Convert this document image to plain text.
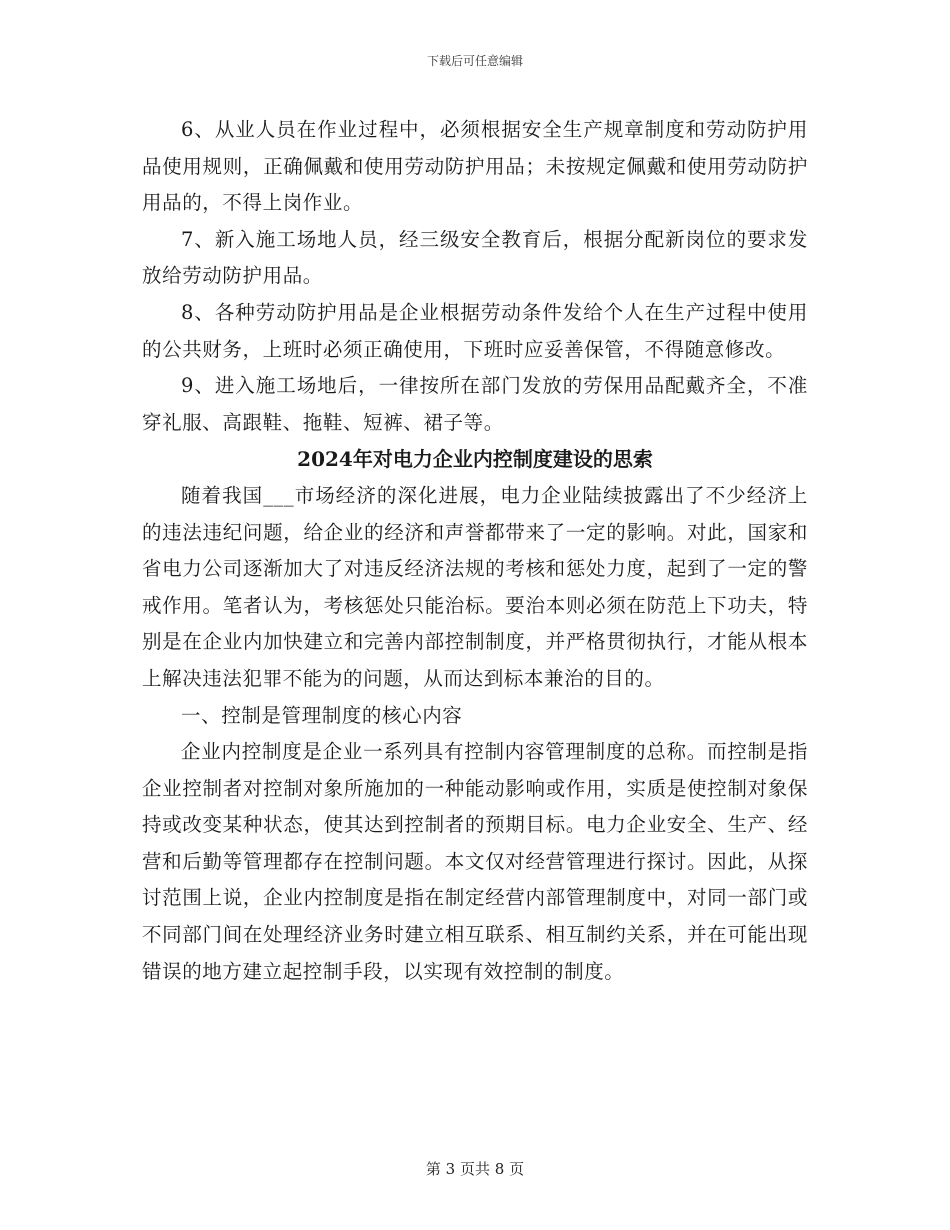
下载后可任意编辑

6、从业人员在作业过程中，必须根据安全生产规章制度和劳动防护用品使用规则，正确佩戴和使用劳动防护用品；未按规定佩戴和使用劳动防护用品的，不得上岗作业。

7、新入施工场地人员，经三级安全教育后，根据分配新岗位的要求发放给劳动防护用品。

8、各种劳动防护用品是企业根据劳动条件发给个人在生产过程中使用的公共财务，上班时必须正确使用，下班时应妥善保管，不得随意修改。

9、进入施工场地后，一律按所在部门发放的劳保用品配戴齐全，不准穿礼服、高跟鞋、拖鞋、短裤、裙子等。

2024年对电力企业内控制度建设的思索

随着我国___市场经济的深化进展，电力企业陆续披露出了不少经济上的违法违纪问题，给企业的经济和声誉都带来了一定的影响。对此，国家和省电力公司逐渐加大了对违反经济法规的考核和惩处力度，起到了一定的警戒作用。笔者认为，考核惩处只能治标。要治本则必须在防范上下功夫，特别是在企业内加快建立和完善内部控制制度，并严格贯彻执行，才能从根本上解决违法犯罪不能为的问题，从而达到标本兼治的目的。

一、控制是管理制度的核心内容

企业内控制度是企业一系列具有控制内容管理制度的总称。而控制是指企业控制者对控制对象所施加的一种能动影响或作用，实质是使控制对象保持或改变某种状态，使其达到控制者的预期目标。电力企业安全、生产、经营和后勤等管理都存在控制问题。本文仅对经营管理进行探讨。因此，从探讨范围上说，企业内控制度是指在制定经营内部管理制度中，对同一部门或不同部门间在处理经济业务时建立相互联系、相互制约关系，并在可能出现错误的地方建立起控制手段，以实现有效控制的制度。

第 3 页共 8 页
